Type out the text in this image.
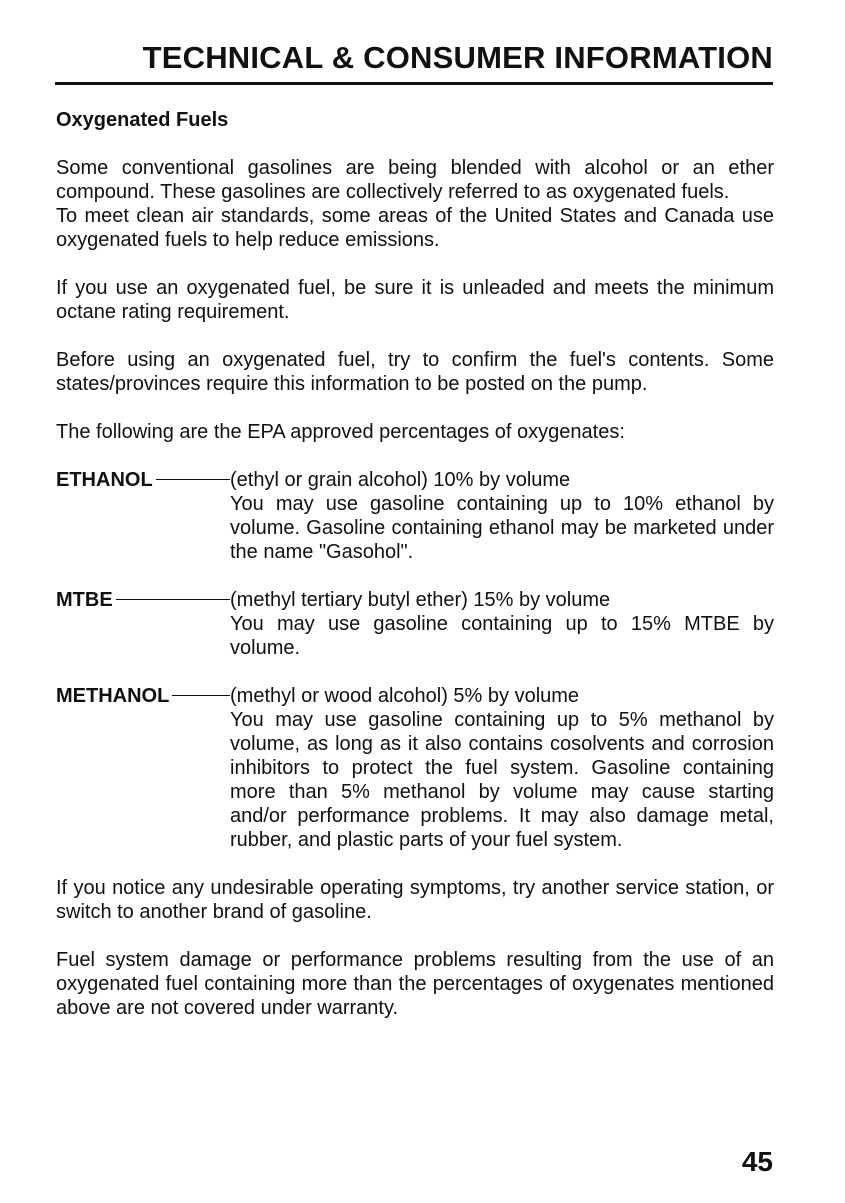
TECHNICAL & CONSUMER INFORMATION
Oxygenated Fuels

Some conventional gasolines are being blended with alcohol or an ether compound. These gasolines are collectively referred to as oxygenated fuels.

To meet clean air standards, some areas of the United States and Canada use oxygenated fuels to help reduce emissions.

If you use an oxygenated fuel, be sure it is unleaded and meets the minimum octane rating requirement.

Before using an oxygenated fuel, try to confirm the fuel's contents. Some states/provinces require this information to be posted on the pump.

The following are the EPA approved percentages of oxygenates:

ETHANOL	(ethyl or grain alcohol) 10% by volume
You may use gasoline containing up to 10% ethanol by volume. Gasoline containing ethanol may be marketed under the name "Gasohol".
MTBE	(methyl tertiary butyl ether) 15% by volume
You may use gasoline containing up to 15% MTBE by volume.
METHANOL	(methyl or wood alcohol) 5% by volume
You may use gasoline containing up to 5% methanol by volume, as long as it also contains cosolvents and corrosion inhibitors to protect the fuel system. Gasoline containing more than 5% methanol by volume may cause starting and/or performance problems. It may also damage metal, rubber, and plastic parts of your fuel system.

If you notice any undesirable operating symptoms, try another service station, or switch to another brand of gasoline.

Fuel system damage or performance problems resulting from the use of an oxygenated fuel containing more than the percentages of oxygenates mentioned above are not covered under warranty.

45
